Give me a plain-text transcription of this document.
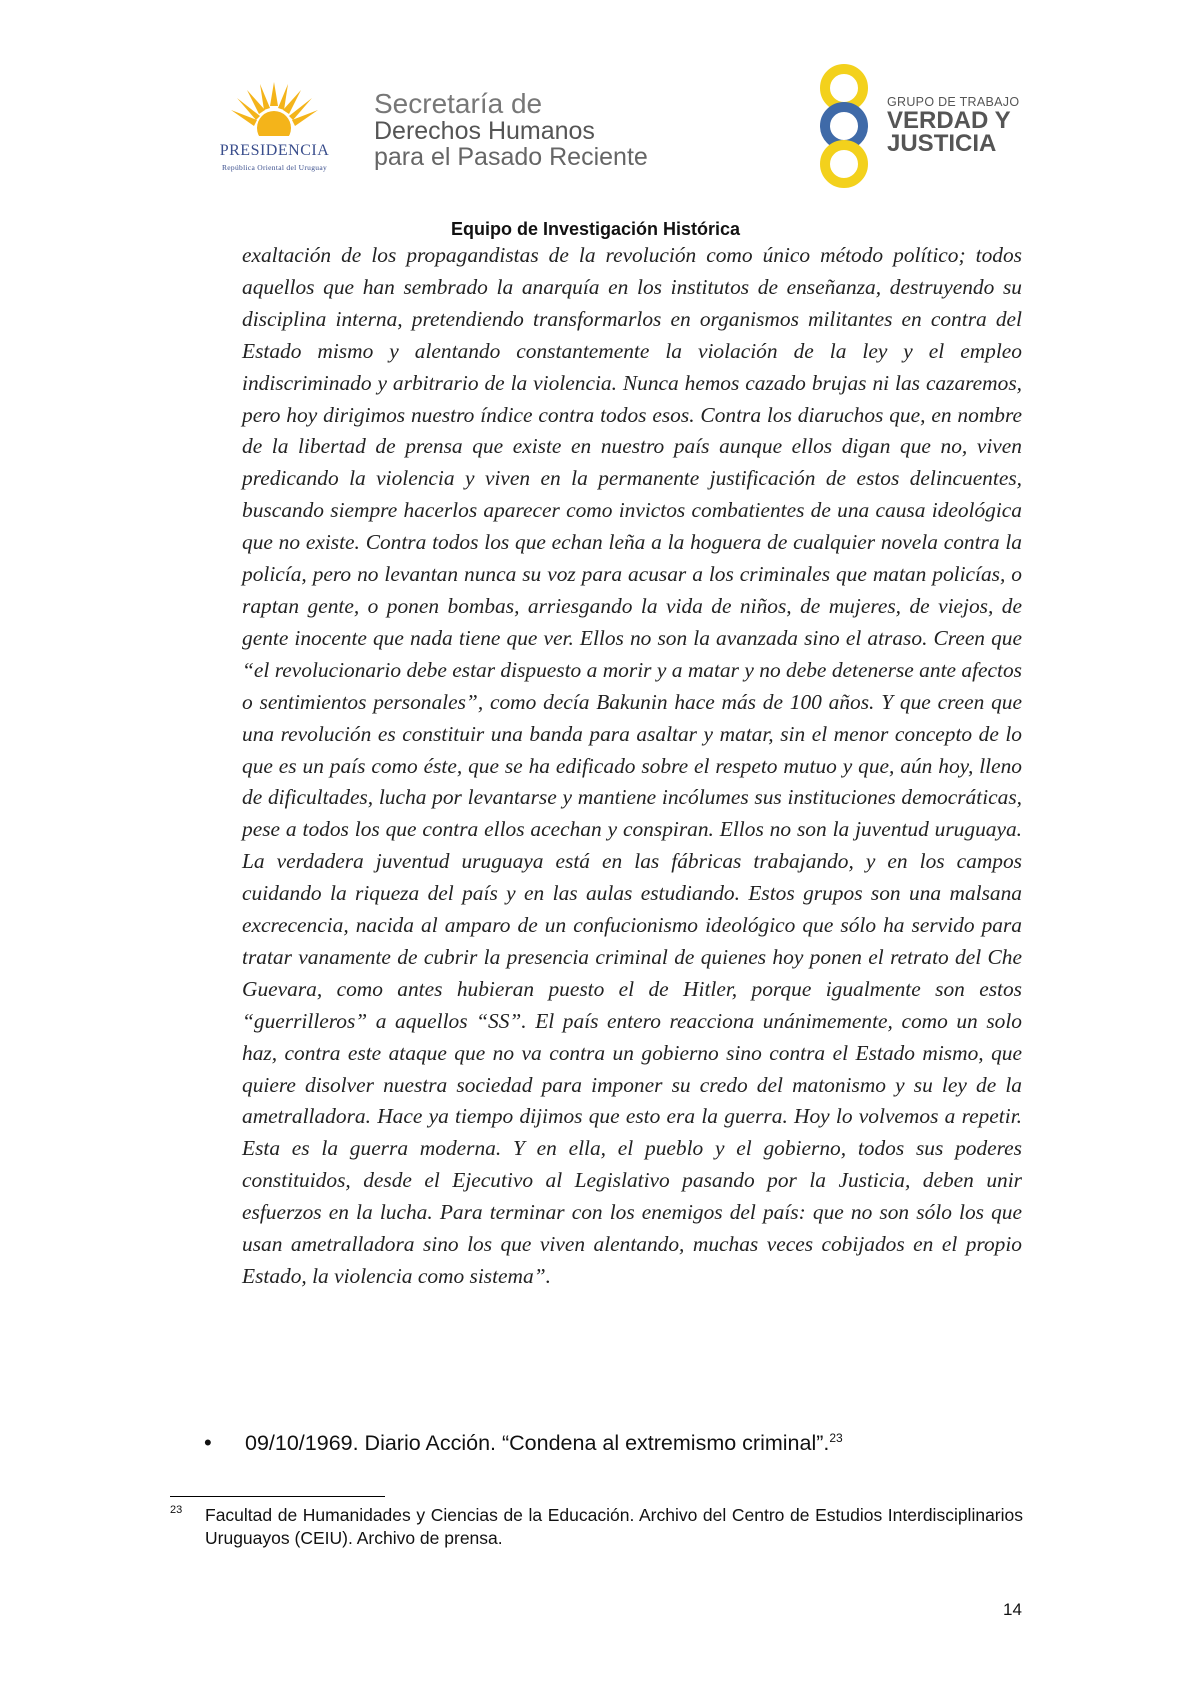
PRESIDENCIA
República Oriental del Uruguay
Secretaría de
Derechos Humanos
para el Pasado Reciente
GRUPO DE TRABAJO
VERDAD Y
JUSTICIA
Equipo de Investigación Histórica
exaltación de los propagandistas de la revolución como único método político; todos aquellos que han sembrado la anarquía en los institutos de enseñanza, destruyendo su disciplina interna, pretendiendo transformarlos en organismos militantes en contra del Estado mismo y alentando constantemente la violación de la ley y el empleo indiscriminado y arbitrario de la violencia. Nunca hemos cazado brujas ni las cazaremos, pero hoy dirigimos nuestro índice contra todos esos. Contra los diaruchos que, en nombre de la libertad de prensa que existe en nuestro país aunque ellos digan que no, viven predicando la violencia y viven en la permanente justificación de estos delincuentes, buscando siempre hacerlos aparecer como invictos combatientes de una causa ideológica que no existe. Contra todos los que echan leña a la hoguera de cualquier novela contra la policía, pero no levantan nunca su voz para acusar a los criminales que matan policías, o raptan gente, o ponen bombas, arriesgando la vida de niños, de mujeres, de viejos, de gente inocente que nada tiene que ver. Ellos no son la avanzada sino el atraso. Creen que “el revolucionario debe estar dispuesto a morir y a matar y no debe detenerse ante afectos o sentimientos personales”, como decía Bakunin hace más de 100 años. Y que creen que una revolución es constituir una banda para asaltar y matar, sin el menor concepto de lo que es un país como éste, que se ha edificado sobre el respeto mutuo y que, aún hoy, lleno de dificultades, lucha por levantarse y mantiene incólumes sus instituciones democráticas, pese a todos los que contra ellos acechan y conspiran. Ellos no son la juventud uruguaya. La verdadera juventud uruguaya está en las fábricas trabajando, y en los campos cuidando la riqueza del país y en las aulas estudiando. Estos grupos son una malsana excrecencia, nacida al amparo de un confucionismo ideológico que sólo ha servido para tratar vanamente de cubrir la presencia criminal de quienes hoy ponen el retrato del Che Guevara, como antes hubieran puesto el de Hitler, porque igualmente son estos “guerrilleros” a aquellos “SS”. El país entero reacciona unánimemente, como un solo haz, contra este ataque que no va contra un gobierno sino contra el Estado mismo, que quiere disolver nuestra sociedad para imponer su credo del matonismo y su ley de la ametralladora. Hace ya tiempo dijimos que esto era la guerra. Hoy lo volvemos a repetir. Esta es la guerra moderna. Y en ella, el pueblo y el gobierno, todos sus poderes constituidos, desde el Ejecutivo al Legislativo pasando por la Justicia, deben unir esfuerzos en la lucha. Para terminar con los enemigos del país: que no son sólo los que usan ametralladora sino los que viven alentando, muchas veces cobijados en el propio Estado, la violencia como sistema”.
• 09/10/1969. Diario Acción. “Condena al extremismo criminal”.$^{23}$
23 Facultad de Humanidades y Ciencias de la Educación. Archivo del Centro de Estudios Interdisciplinarios Uruguayos (CEIU). Archivo de prensa.
14
